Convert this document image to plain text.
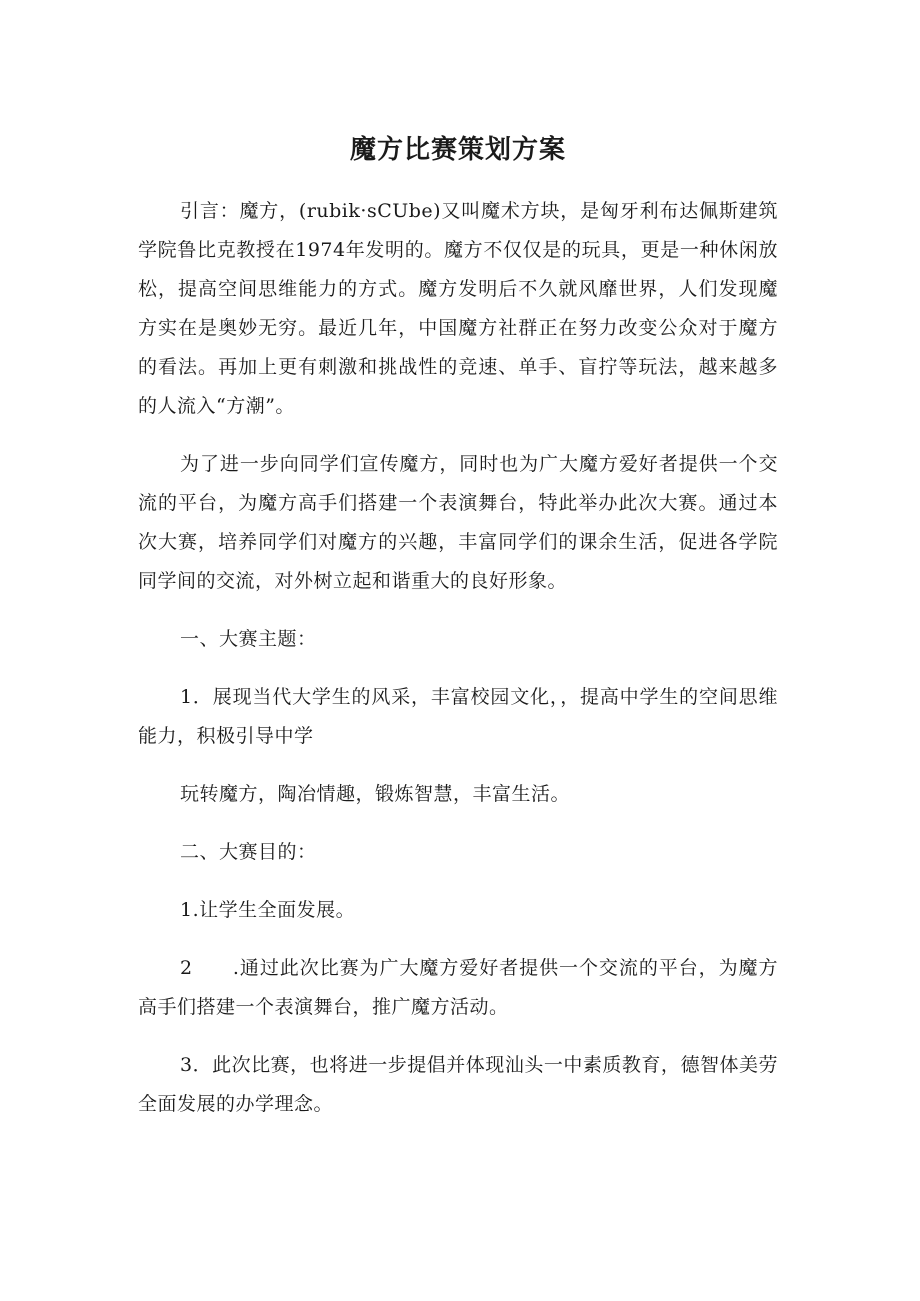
魔方比赛策划方案

引言：魔方，(rubik·sCUbe)又叫魔术方块，是匈牙利布达佩斯建筑学院鲁比克教授在1974年发明的。魔方不仅仅是的玩具，更是一种休闲放松，提高空间思维能力的方式。魔方发明后不久就风靡世界，人们发现魔方实在是奥妙无穷。最近几年，中国魔方社群正在努力改变公众对于魔方的看法。再加上更有刺激和挑战性的竞速、单手、盲拧等玩法，越来越多的人流入“方潮”。

为了进一步向同学们宣传魔方，同时也为广大魔方爱好者提供一个交流的平台，为魔方高手们搭建一个表演舞台，特此举办此次大赛。通过本次大赛，培养同学们对魔方的兴趣，丰富同学们的课余生活，促进各学院同学间的交流，对外树立起和谐重大的良好形象。

一、大赛主题：

1．展现当代大学生的风采，丰富校园文化，，提高中学生的空间思维能力，积极引导中学

玩转魔方，陶冶情趣，锻炼智慧，丰富生活。

二、大赛目的：

1.让学生全面发展。

2　　.通过此次比赛为广大魔方爱好者提供一个交流的平台，为魔方高手们搭建一个表演舞台，推广魔方活动。

3．此次比赛，也将进一步提倡并体现汕头一中素质教育，德智体美劳全面发展的办学理念。
